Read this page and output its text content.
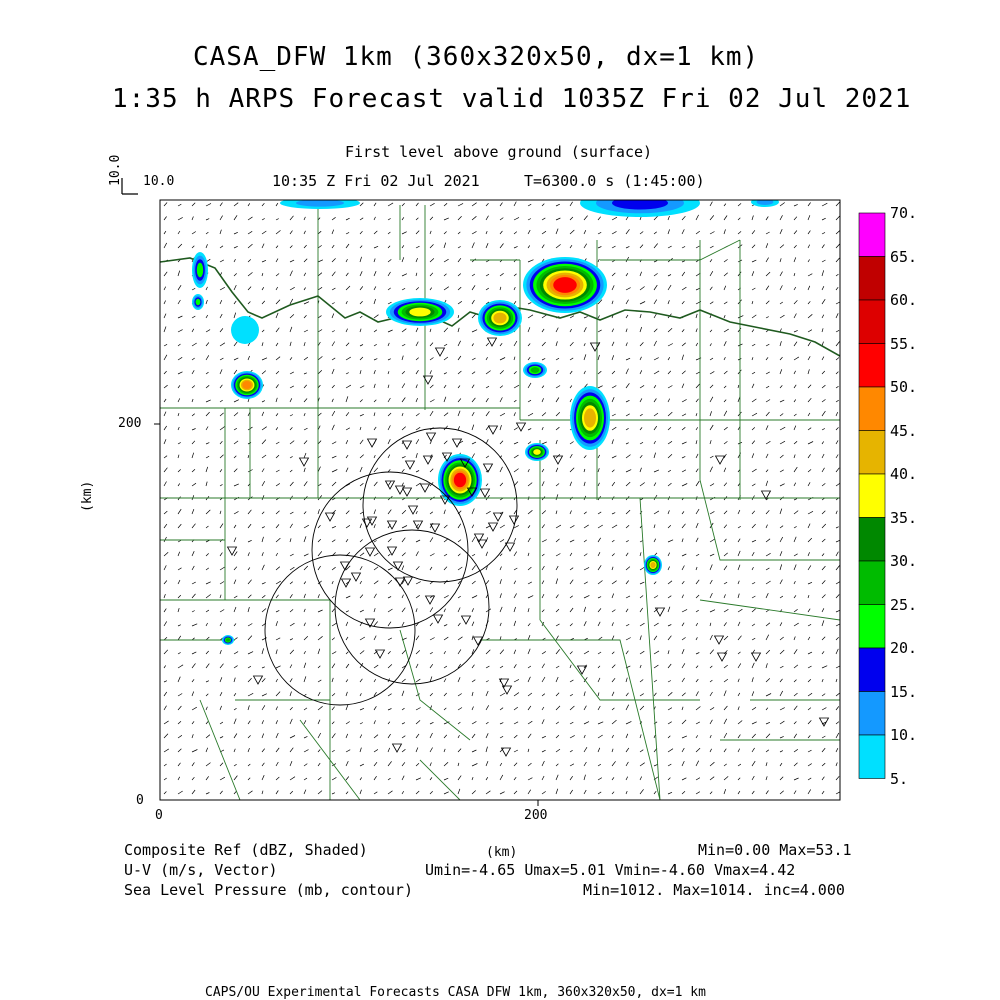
CASA_DFW 1km (360x320x50, dx=1 km)
1:35 h ARPS Forecast valid 1035Z Fri 02 Jul 2021
First level above ground (surface)
10:35 Z Fri 02 Jul 2021	T=6300.0 s (1:45:00)
10.0 10.0
200
0
0	200
(km)
(km)
70.
65.
60.
55.
50.
45.
40.
35.
30.
25.
20.
15.
10.
5.
Composite Ref (dBZ, Shaded)	Min=0.00 Max=53.1
U-V (m/s, Vector)	Umin=-4.65 Umax=5.01 Vmin=-4.60 Vmax=4.42
Sea Level Pressure (mb, contour)	Min=1012. Max=1014. inc=4.000
CAPS/OU Experimental Forecasts CASA DFW 1km, 360x320x50, dx=1 km
